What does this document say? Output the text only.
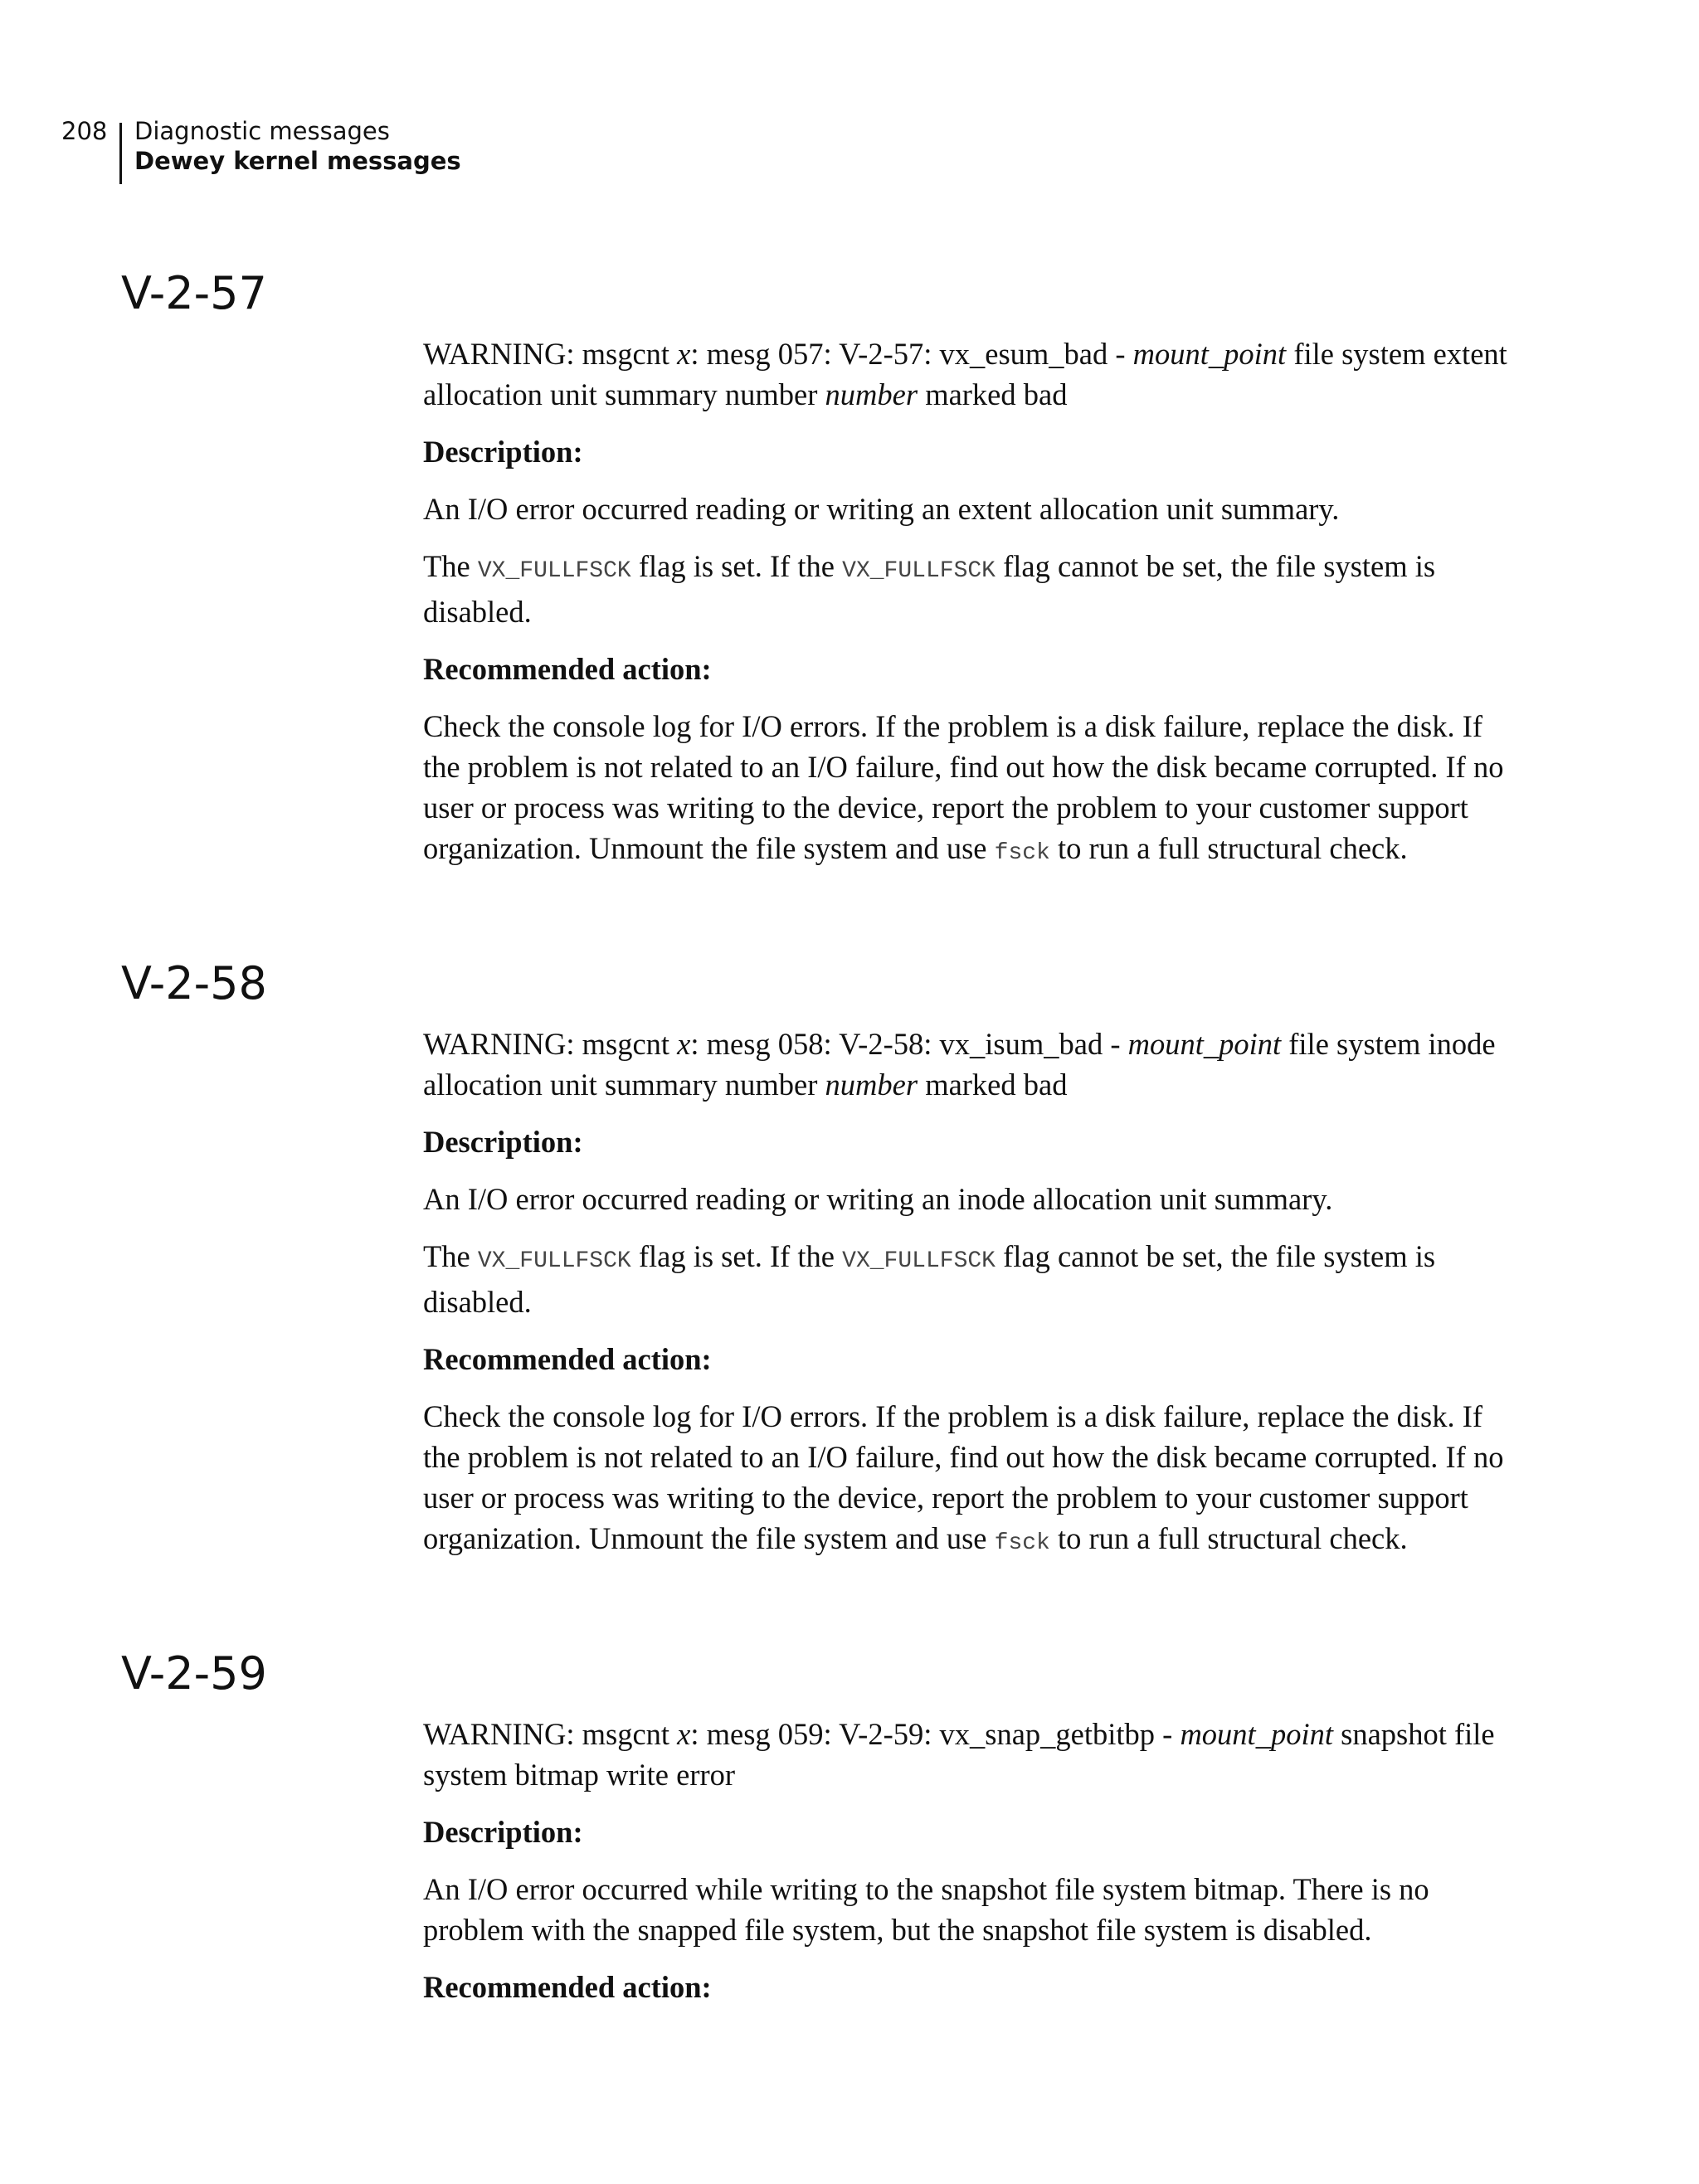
208 Diagnostic messages
Dewey kernel messages
V-2-57

WARNING: msgcnt x: mesg 057: V-2-57: vx_esum_bad - mount_point file system extent allocation unit summary number number marked bad

Description:

An I/O error occurred reading or writing an extent allocation unit summary.

The VX_FULLFSCK flag is set. If the VX_FULLFSCK flag cannot be set, the file system is disabled.

Recommended action:

Check the console log for I/O errors. If the problem is a disk failure, replace the disk. If the problem is not related to an I/O failure, find out how the disk became corrupted. If no user or process was writing to the device, report the problem to your customer support organization. Unmount the file system and use fsck to run a full structural check.

V-2-58

WARNING: msgcnt x: mesg 058: V-2-58: vx_isum_bad - mount_point file system inode allocation unit summary number number marked bad

Description:

An I/O error occurred reading or writing an inode allocation unit summary.

The VX_FULLFSCK flag is set. If the VX_FULLFSCK flag cannot be set, the file system is disabled.

Recommended action:

Check the console log for I/O errors. If the problem is a disk failure, replace the disk. If the problem is not related to an I/O failure, find out how the disk became corrupted. If no user or process was writing to the device, report the problem to your customer support organization. Unmount the file system and use fsck to run a full structural check.

V-2-59

WARNING: msgcnt x: mesg 059: V-2-59: vx_snap_getbitbp - mount_point snapshot file system bitmap write error

Description:

An I/O error occurred while writing to the snapshot file system bitmap. There is no problem with the snapped file system, but the snapshot file system is disabled.

Recommended action:
